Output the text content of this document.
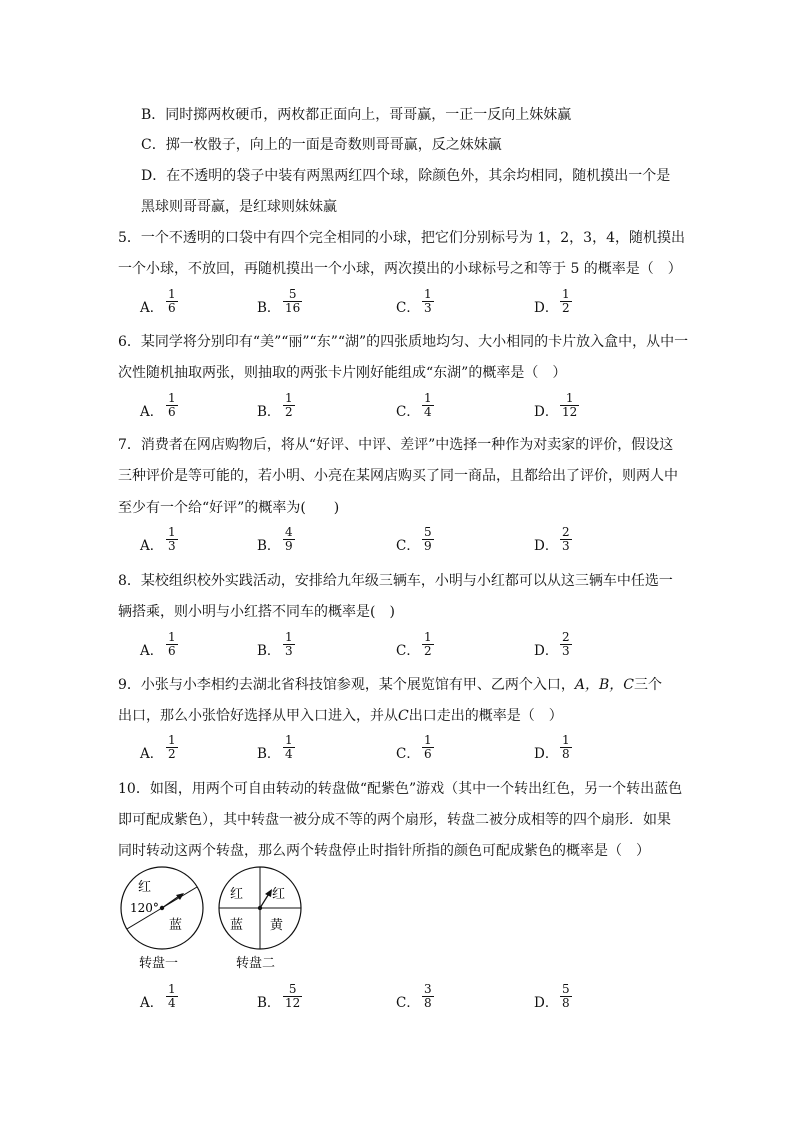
B．同时掷两枚硬币，两枚都正面向上，哥哥赢，一正一反向上妹妹赢
C．掷一枚骰子，向上的一面是奇数则哥哥赢，反之妹妹赢
D．在不透明的袋子中装有两黑两红四个球，除颜色外，其余均相同，随机摸出一个是
黑球则哥哥赢，是红球则妹妹赢
5．一个不透明的口袋中有四个完全相同的小球，把它们分别标号为 1，2，3，4，随机摸出
一个小球，不放回，再随机摸出一个小球，两次摸出的小球标号之和等于 5 的概率是（　）
6．某同学将分别印有“美”“丽”“东”“湖”的四张质地均匀、大小相同的卡片放入盒中，从中一
次性随机抽取两张，则抽取的两张卡片刚好能组成“东湖”的概率是（　）
7．消费者在网店购物后，将从“好评、中评、差评”中选择一种作为对卖家的评价，假设这
三种评价是等可能的，若小明、小亮在某网店购买了同一商品，且都给出了评价，则两人中
至少有一个给“好评”的概率为(　　)
8．某校组织校外实践活动，安排给九年级三辆车，小明与小红都可以从这三辆车中任选一
辆搭乘，则小明与小红搭不同车的概率是(　)
9．小张与小李相约去湖北省科技馆参观，某个展览馆有甲、乙两个入口，A，B，C三个
出口，那么小张恰好选择从甲入口进入，并从C出口走出的概率是（　）
10．如图，用两个可自由转动的转盘做“配紫色”游戏（其中一个转出红色，另一个转出蓝色
即可配成紫色），其中转盘一被分成不等的两个扇形，转盘二被分成相等的四个扇形．如果
同时转动这两个转盘，那么两个转盘停止时指针所指的颜色可配成紫色的概率是（　）
A． $\frac{1}{6}$	B． $\frac{5}{16}$	C． $\frac{1}{3}$	D． $\frac{1}{2}$
A． $\frac{1}{6}$	B． $\frac{1}{2}$	C． $\frac{1}{4}$	D． $\frac{1}{12}$
A． $\frac{1}{3}$	B． $\frac{4}{9}$	C． $\frac{5}{9}$	D． $\frac{2}{3}$
A． $\frac{1}{6}$	B． $\frac{1}{3}$	C． $\frac{1}{2}$	D． $\frac{2}{3}$
A． $\frac{1}{2}$	B． $\frac{1}{4}$	C． $\frac{1}{6}$	D． $\frac{1}{8}$
A． $\frac{1}{4}$	B． $\frac{5}{12}$	C． $\frac{3}{8}$	D． $\frac{5}{8}$
红
120°
蓝
红 红
蓝 黄
转盘一	转盘二
